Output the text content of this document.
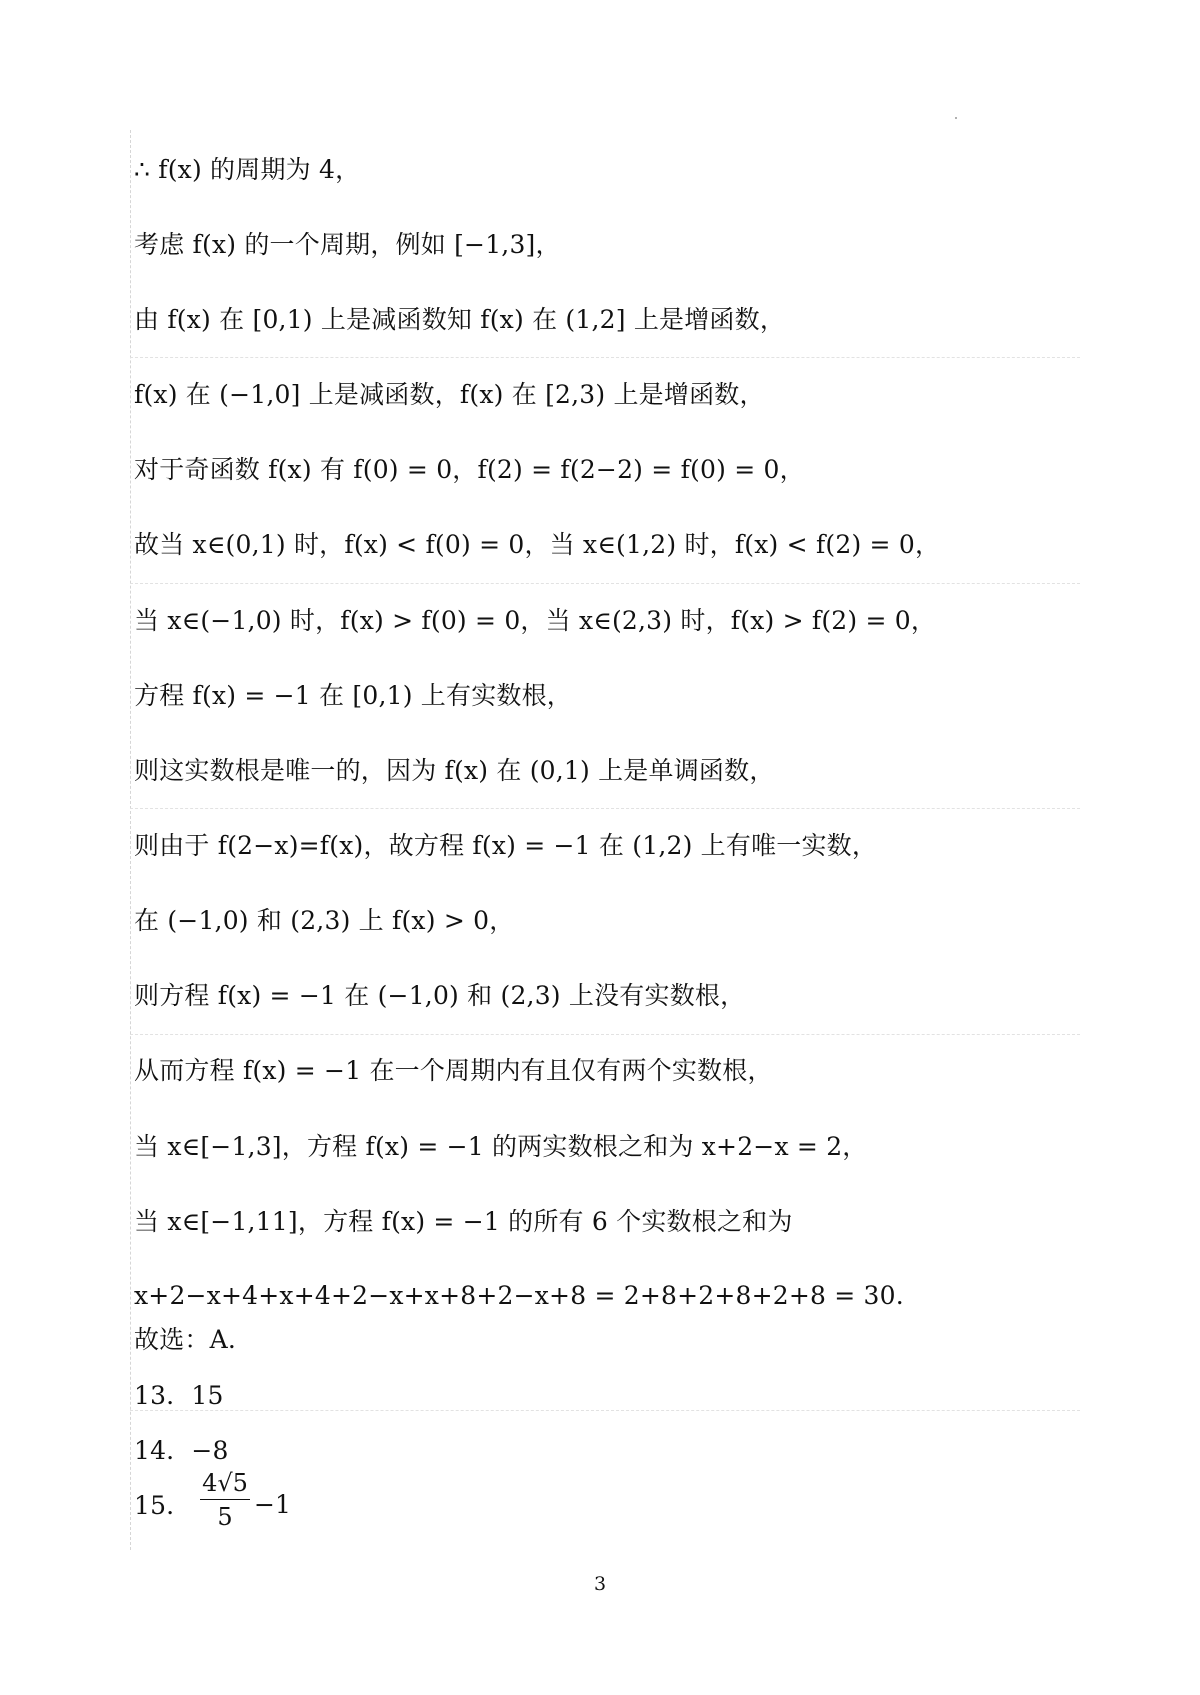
∴ f(x) 的周期为 4，
考虑 f(x) 的一个周期，例如 [−1,3]，
由 f(x) 在 [0,1) 上是减函数知 f(x) 在 (1,2] 上是增函数，
f(x) 在 (−1,0] 上是减函数，f(x) 在 [2,3) 上是增函数，
对于奇函数 f(x) 有 f(0) = 0，f(2) = f(2−2) = f(0) = 0，
故当 x∈(0,1) 时，f(x) < f(0) = 0，当 x∈(1,2) 时，f(x) < f(2) = 0，
当 x∈(−1,0) 时，f(x) > f(0) = 0，当 x∈(2,3) 时，f(x) > f(2) = 0，
方程 f(x) = −1 在 [0,1) 上有实数根，
则这实数根是唯一的，因为 f(x) 在 (0,1) 上是单调函数，
则由于 f(2−x)=f(x)，故方程 f(x) = −1 在 (1,2) 上有唯一实数，
在 (−1,0) 和 (2,3) 上 f(x) > 0，
则方程 f(x) = −1 在 (−1,0) 和 (2,3) 上没有实数根，
从而方程 f(x) = −1 在一个周期内有且仅有两个实数根，
当 x∈[−1,3]，方程 f(x) = −1 的两实数根之和为 x+2−x = 2，
当 x∈[−1,11]，方程 f(x) = −1 的所有 6 个实数根之和为
x+2−x+4+x+4+2−x+x+8+2−x+8 = 2+8+2+8+2+8 = 30.
故选：A.
13．15
14．−8
15．
4√5
5 −1
3
